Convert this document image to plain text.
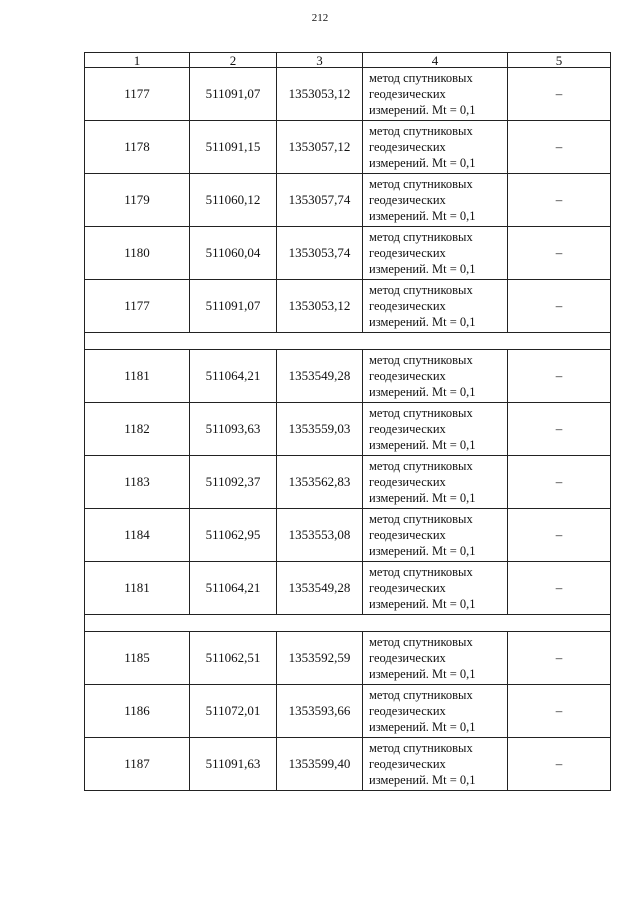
212
1	2	3	4	5
1177	511091,07	1353053,12	метод спутниковых
геодезических
измерений. Mt = 0,1	–
1178	511091,15	1353057,12	метод спутниковых
геодезических
измерений. Mt = 0,1	–
1179	511060,12	1353057,74	метод спутниковых
геодезических
измерений. Mt = 0,1	–
1180	511060,04	1353053,74	метод спутниковых
геодезических
измерений. Mt = 0,1	–
1177	511091,07	1353053,12	метод спутниковых
геодезических
измерений. Mt = 0,1	–

1181	511064,21	1353549,28	метод спутниковых
геодезических
измерений. Mt = 0,1	–
1182	511093,63	1353559,03	метод спутниковых
геодезических
измерений. Mt = 0,1	–
1183	511092,37	1353562,83	метод спутниковых
геодезических
измерений. Mt = 0,1	–
1184	511062,95	1353553,08	метод спутниковых
геодезических
измерений. Mt = 0,1	–
1181	511064,21	1353549,28	метод спутниковых
геодезических
измерений. Mt = 0,1	–

1185	511062,51	1353592,59	метод спутниковых
геодезических
измерений. Mt = 0,1	–
1186	511072,01	1353593,66	метод спутниковых
геодезических
измерений. Mt = 0,1	–
1187	511091,63	1353599,40	метод спутниковых
геодезических
измерений. Mt = 0,1	–
